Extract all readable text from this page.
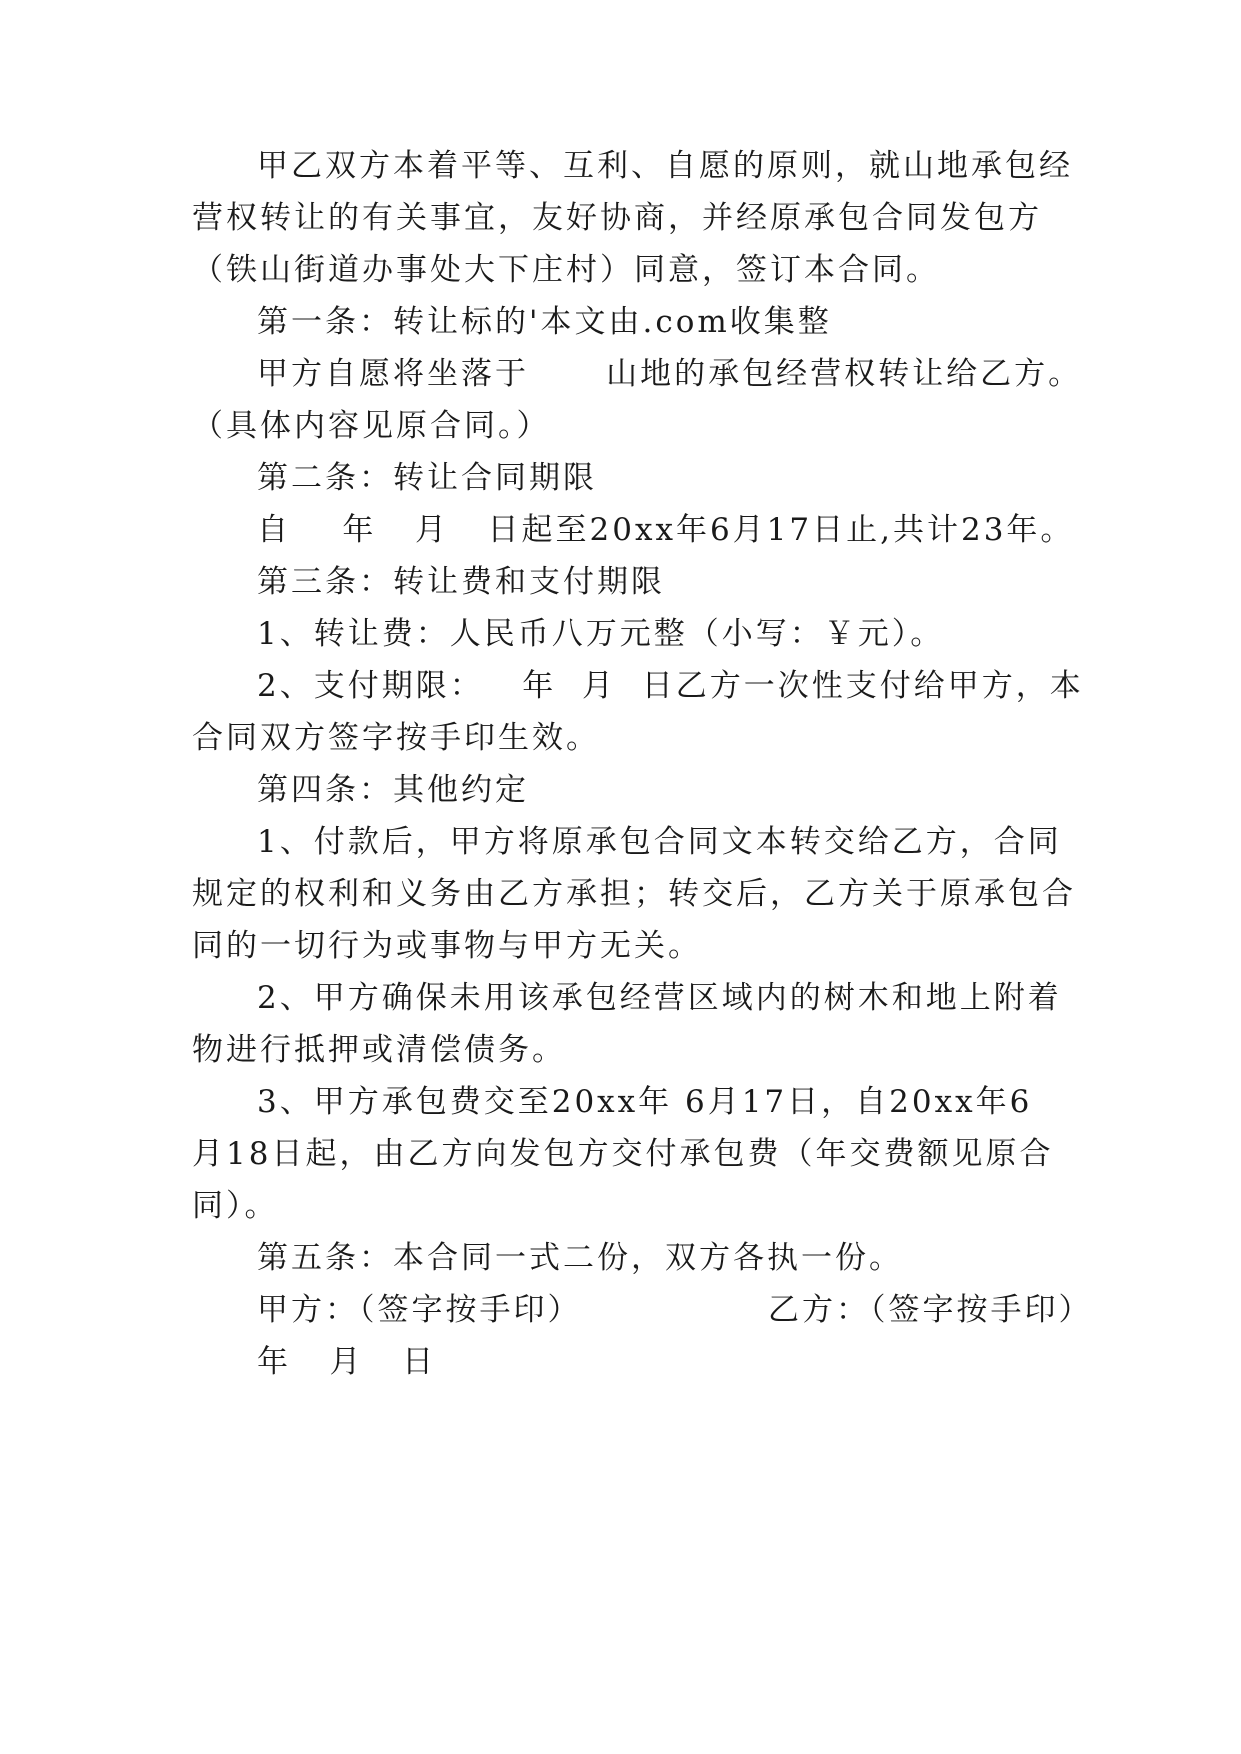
甲乙双方本着平等、互利、自愿的原则，就山地承包经
营权转让的有关事宜，友好协商，并经原承包合同发包方
（铁山街道办事处大下庄村）同意，签订本合同。
第一条：转让标的'本文由.com收集整
甲方自愿将坐落于      山地的承包经营权转让给乙方。
（具体内容见原合同。）
第二条：转让合同期限
自    年   月   日起至20xx年6月17日止,共计23年。
第三条：转让费和支付期限
1、转让费：人民币八万元整（小写：￥元）。
2、支付期限：   年  月  日乙方一次性支付给甲方，本
合同双方签字按手印生效。
第四条：其他约定
1、付款后，甲方将原承包合同文本转交给乙方，合同
规定的权利和义务由乙方承担；转交后，乙方关于原承包合
同的一切行为或事物与甲方无关。
2、甲方确保未用该承包经营区域内的树木和地上附着
物进行抵押或清偿债务。
3、甲方承包费交至20xx年 6月17日，自20xx年6
月18日起，由乙方向发包方交付承包费（年交费额见原合
同）。
第五条：本合同一式二份，双方各执一份。
甲方：（签字按手印）	乙方：（签字按手印）
年   月   日
